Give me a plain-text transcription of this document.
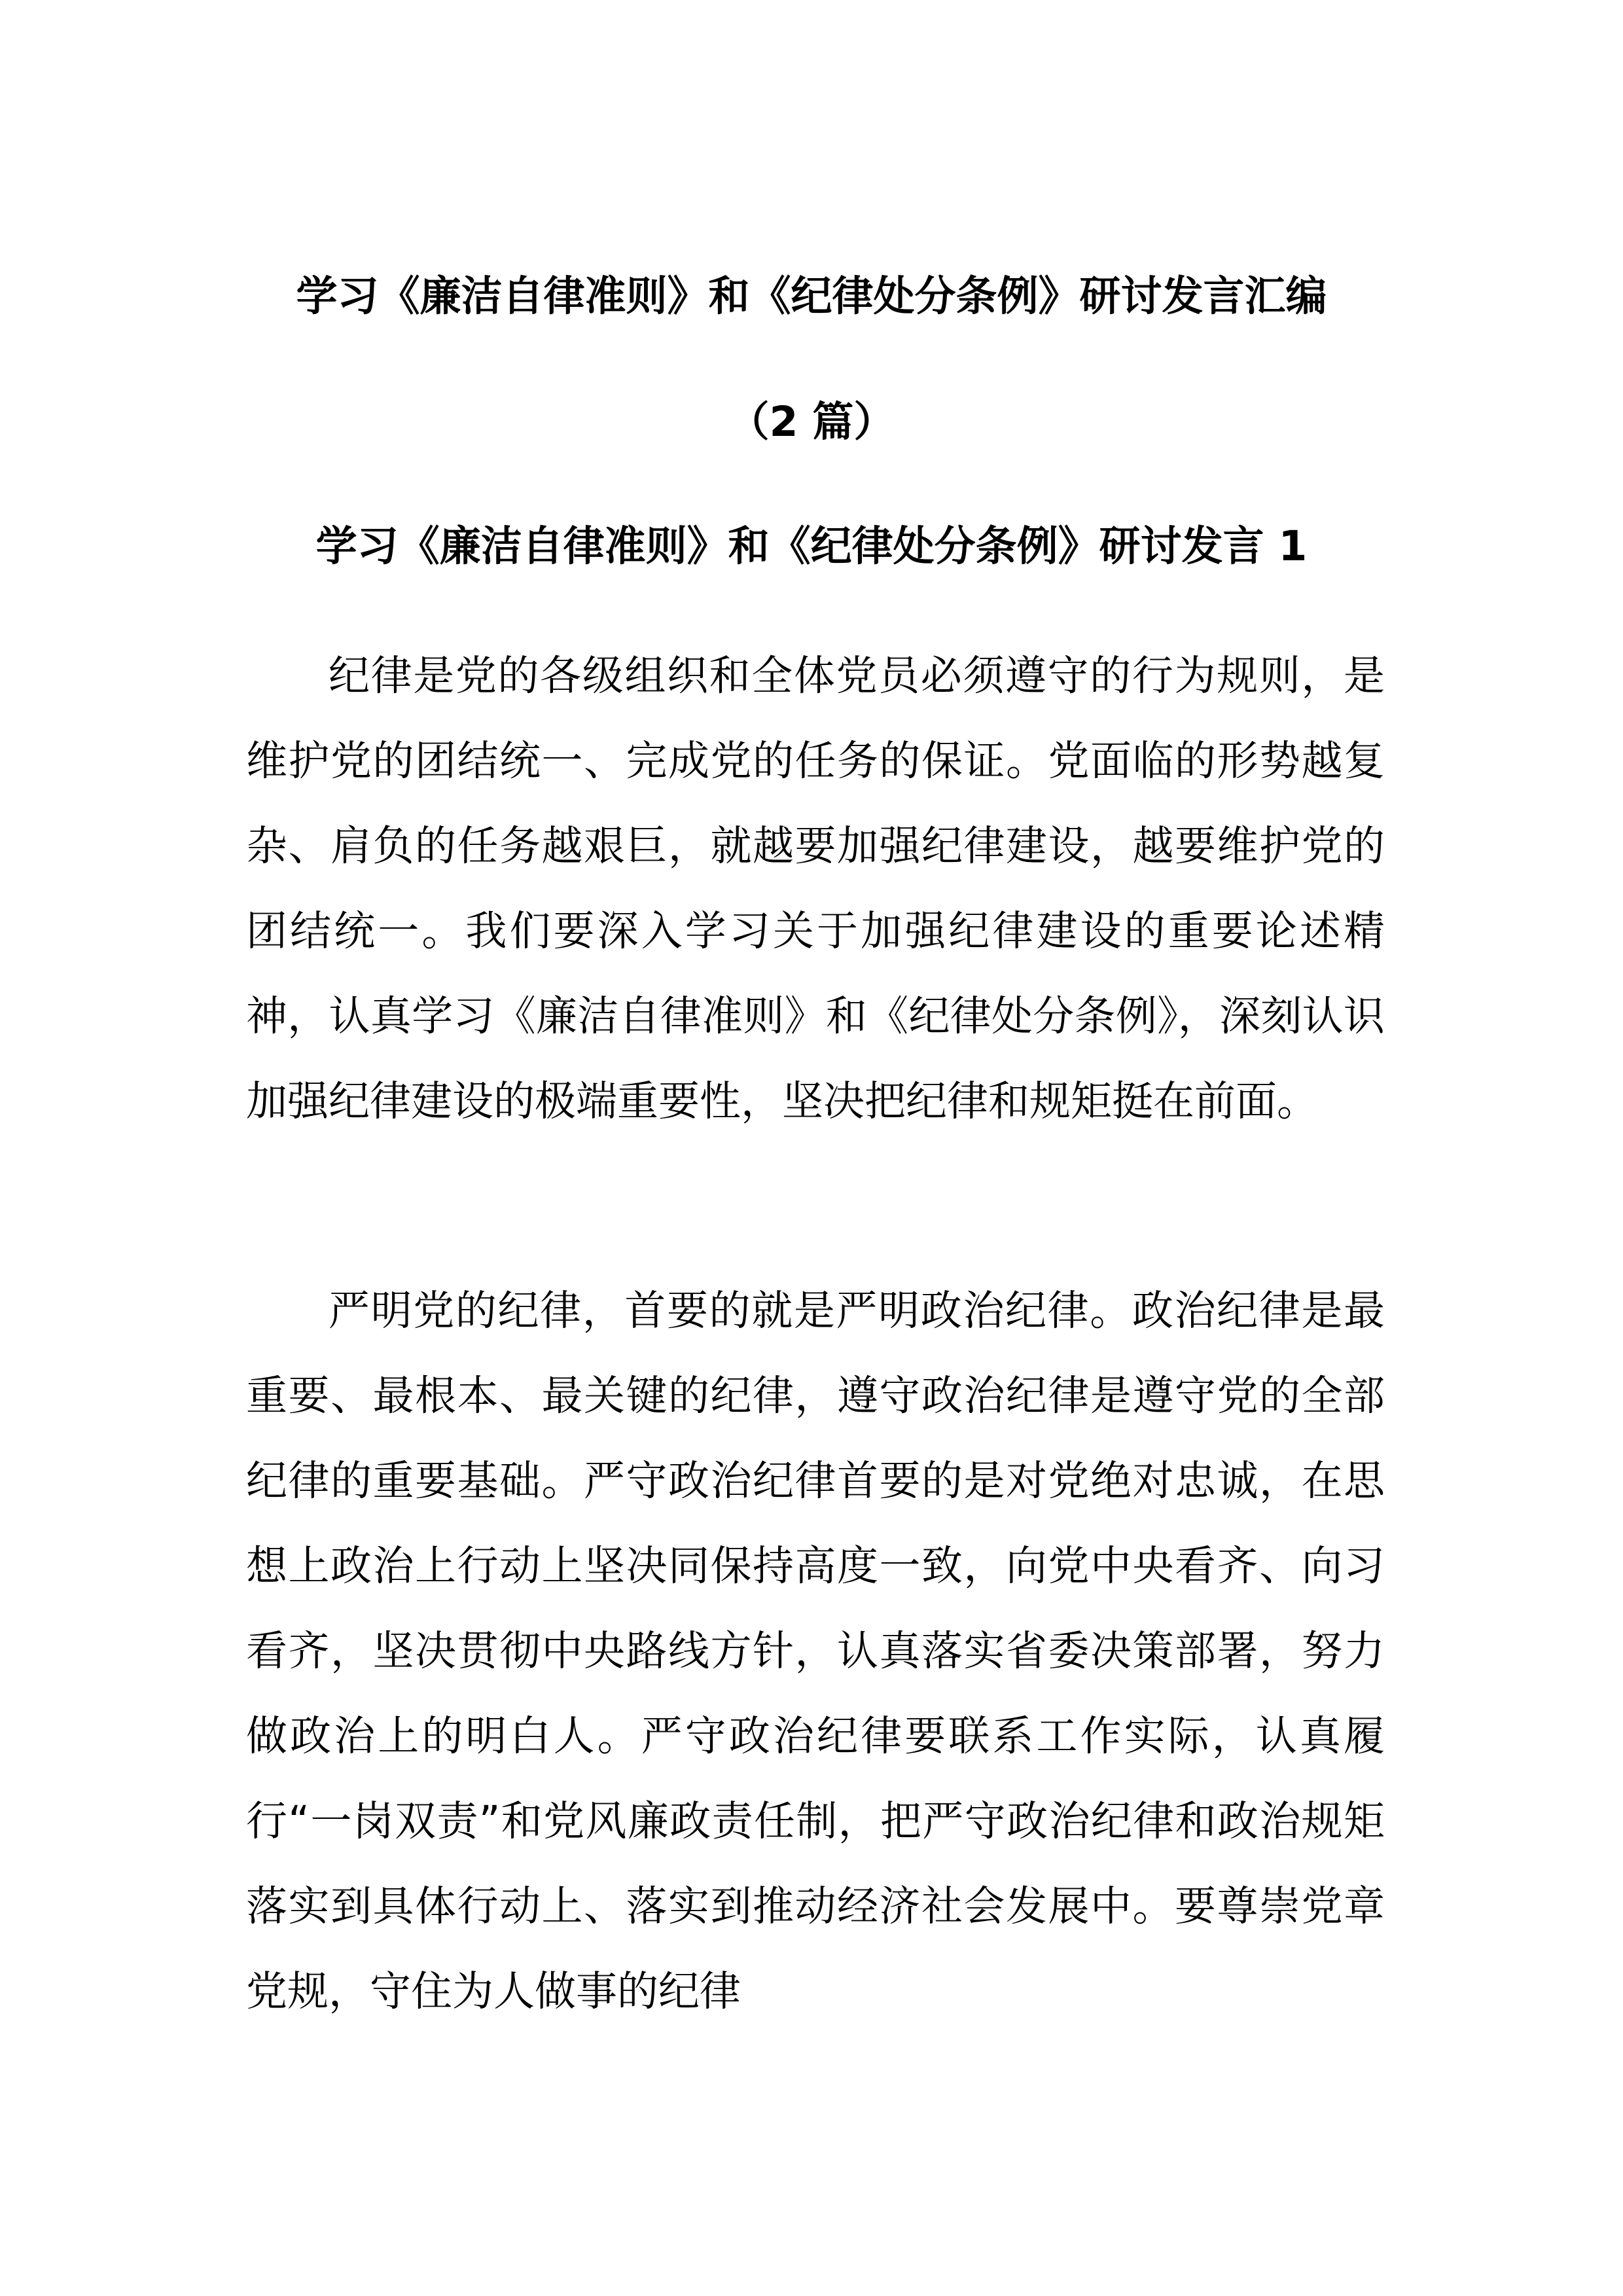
学习《廉洁自律准则》和《纪律处分条例》研讨发言汇编
（2 篇）
学习《廉洁自律准则》和《纪律处分条例》研讨发言 1

纪律是党的各级组织和全体党员必须遵守的行为规则，是维护党的团结统一、完成党的任务的保证。党面临的形势越复杂、肩负的任务越艰巨，就越要加强纪律建设，越要维护党的团结统一。我们要深入学习关于加强纪律建设的重要论述精神，认真学习《廉洁自律准则》和《纪律处分条例》，深刻认识加强纪律建设的极端重要性，坚决把纪律和规矩挺在前面。

严明党的纪律，首要的就是严明政治纪律。政治纪律是最重要、最根本、最关键的纪律，遵守政治纪律是遵守党的全部纪律的重要基础。严守政治纪律首要的是对党绝对忠诚，在思想上政治上行动上坚决同保持高度一致，向党中央看齐、向习看齐，坚决贯彻中央路线方针，认真落实省委决策部署，努力做政治上的明白人。严守政治纪律要联系工作实际，认真履行“一岗双责”和党风廉政责任制，把严守政治纪律和政治规矩落实到具体行动上、落实到推动经济社会发展中。要尊崇党章党规，守住为人做事的纪律
